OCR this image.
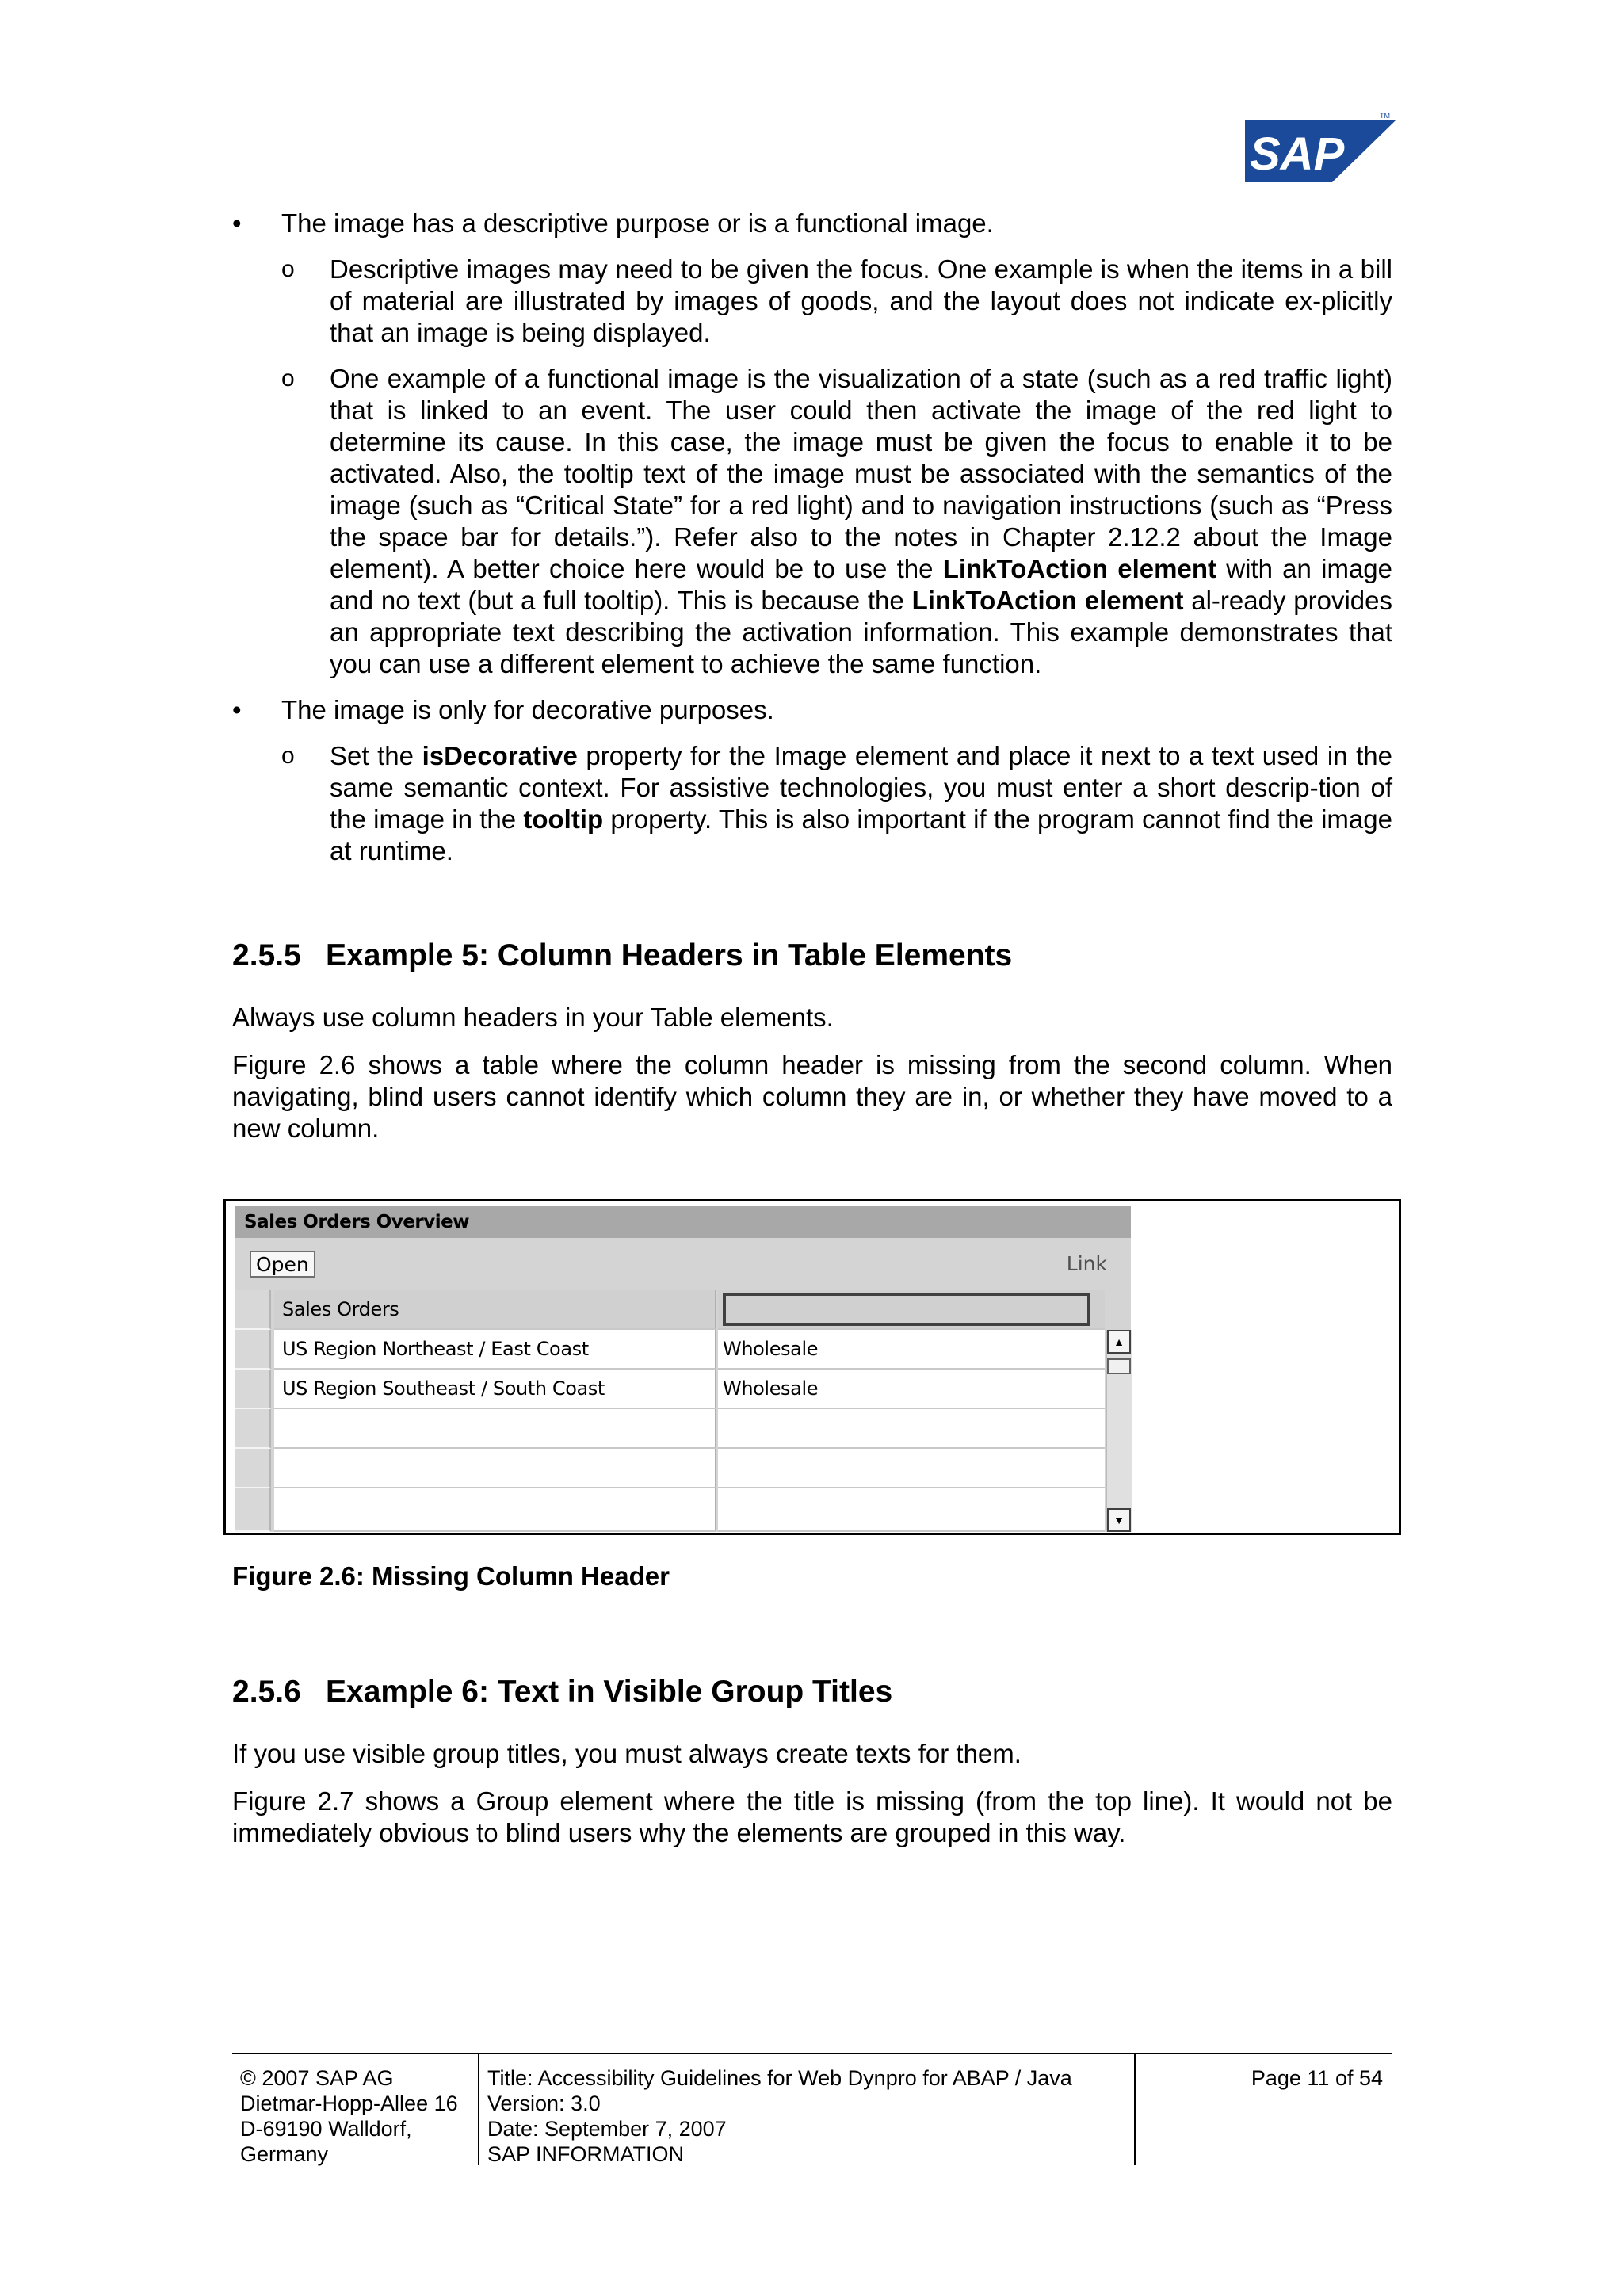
SAP
TM
• The image has a descriptive purpose or is a functional image.

o Descriptive images may need to be given the focus. One example is when the items in a bill of material are illustrated by images of goods, and the layout does not indicate ex-plicitly that an image is being displayed.

o One example of a functional image is the visualization of a state (such as a red traffic light) that is linked to an event. The user could then activate the image of the red light to determine its cause. In this case, the image must be given the focus to enable it to be activated. Also, the tooltip text of the image must be associated with the semantics of the image (such as “Critical State” for a red light) and to navigation instructions (such as “Press the space bar for details.”). Refer also to the notes in Chapter 2.12.2 about the Image element). A better choice here would be to use the LinkToAction element with an image and no text (but a full tooltip). This is because the LinkToAction element al-ready provides an appropriate text describing the activation information. This example demonstrates that you can use a different element to achieve the same function.

• The image is only for decorative purposes.

o Set the isDecorative property for the Image element and place it next to a text used in the same semantic context. For assistive technologies, you must enter a short descrip-tion of the image in the tooltip property. This is also important if the program cannot find the image at runtime.

2.5.5 Example 5: Column Headers in Table Elements

Always use column headers in your Table elements.

Figure 2.6 shows a table where the column header is missing from the second column. When navigating, blind users cannot identify which column they are in, or whether they have moved to a new column.

Sales Orders Overview
Open	Link
Sales Orders
US Region Northeast / East Coast	Wholesale
US Region Southeast / South Coast	Wholesale
▲
▼
Figure 2.6: Missing Column Header
2.5.6 Example 6: Text in Visible Group Titles

If you use visible group titles, you must always create texts for them.

Figure 2.7 shows a Group element where the title is missing (from the top line). It would not be immediately obvious to blind users why the elements are grouped in this way.

© 2007 SAP AG
Dietmar-Hopp-Allee 16
D-69190 Walldorf,
Germany
Title: Accessibility Guidelines for Web Dynpro for ABAP / Java
Version: 3.0
Date: September 7, 2007
SAP INFORMATION
Page 11 of 54
